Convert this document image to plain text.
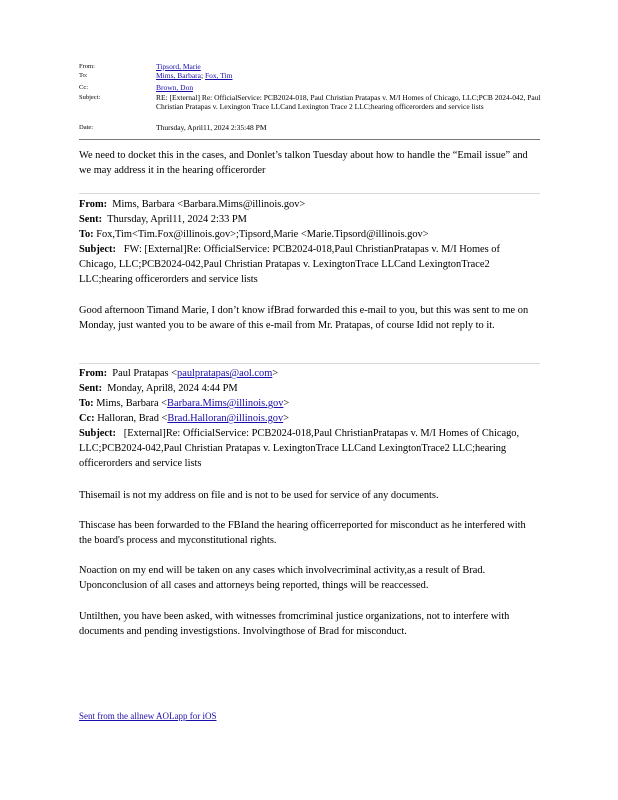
From:	Tipsord, Marie
To:	Mims, Barbara; Fox, Tim
Cc:	Brown, Don
Subject:	RE: [External] Re: OfficialService: PCB2024-018, Paul Christian Pratapas v. M/I Homes of Chicago, LLC;PCB 2024-042, Paul Christian Pratapas v. Lexington Trace LLCand Lexington Trace 2 LLC;hearing officerorders and service lists
Date:	Thursday, April11, 2024 2:35:48 PM
We need to docket this in the cases, and Donlet’s talkon Tuesday about how to handle the “Email issue” and we may address it in the hearing officerorder
From: Mims, Barbara <Barbara.Mims@illinois.gov>
Sent: Thursday, April11, 2024 2:33 PM
To: Fox,Tim<Tim.Fox@illinois.gov>;Tipsord,Marie <Marie.Tipsord@illinois.gov>
Subject: FW: [External]Re: OfficialService: PCB2024-018,Paul ChristianPratapas v. M/I Homes of Chicago, LLC;PCB2024-042,Paul Christian Pratapas v. LexingtonTrace LLCand LexingtonTrace2 LLC;hearing officerorders and service lists
Good afternoon Timand Marie, I don’t know ifBrad forwarded this e-mail to you, but this was sent to me on Monday, just wanted you to be aware of this e-mail from Mr. Pratapas, of course Idid not reply to it.
From: Paul Pratapas <paulpratapas@aol.com>
Sent: Monday, April8, 2024 4:44 PM
To: Mims, Barbara <Barbara.Mims@illinois.gov>
Cc: Halloran, Brad <Brad.Halloran@illinois.gov>
Subject: [External]Re: OfficialService: PCB2024-018,Paul ChristianPratapas v. M/I Homes of Chicago, LLC;PCB2024-042,Paul Christian Pratapas v. LexingtonTrace LLCand LexingtonTrace2 LLC;hearing officerorders and service lists
Thisemail is not my address on file and is not to be used for service of any documents.
Thiscase has been forwarded to the FBIand the hearing officerreported for misconduct as he interfered with the board's process and myconstitutional rights.
Noaction on my end will be taken on any cases which involvecriminal activity,as a result of Brad. Uponconclusion of all cases and attorneys being reported, things will be reaccessed.
Untilthen, you have been asked, with witnesses fromcriminal justice organizations, not to interfere with documents and pending investigstions. Involvingthose of Brad for misconduct.
Sent from the allnew AOLapp for iOS
